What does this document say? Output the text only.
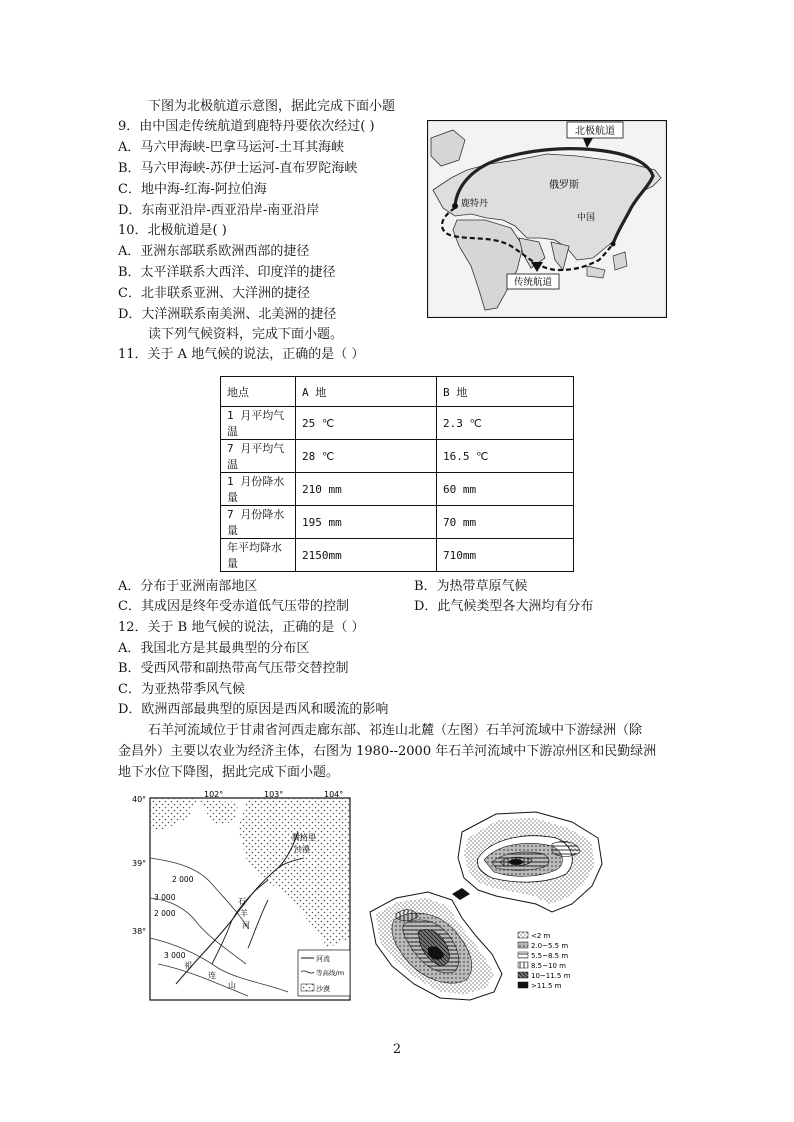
下图为北极航道示意图，据此完成下面小题
9．由中国走传统航道到鹿特丹要依次经过( )
A．马六甲海峡-巴拿马运河-土耳其海峡
B．马六甲海峡-苏伊士运河-直布罗陀海峡
C．地中海-红海-阿拉伯海
D．东南亚沿岸-西亚沿岸-南亚沿岸
10．北极航道是( )
A．亚洲东部联系欧洲西部的捷径
B．太平洋联系大西洋、印度洋的捷径
C．北非联系亚洲、大洋洲的捷径
D．大洋洲联系南美洲、北美洲的捷径
北极航道
俄罗斯
鹿特丹
中国
传统航道
读下列气候资料，完成下面小题。
11．关于 A 地气候的说法，正确的是（ ）
地点	A 地	B 地
1 月平均气温	25 ℃	2.3 ℃
7 月平均气温	28 ℃	16.5 ℃
1 月份降水量	210 mm	60 mm
7 月份降水量	195 mm	70 mm
年平均降水量	2150mm	710mm
A．分布于亚洲南部地区	B．为热带草原气候
C．其成因是终年受赤道低气压带的控制	D．此气候类型各大洲均有分布
12．关于 B 地气候的说法，正确的是（ ）
A．我国北方是其最典型的分布区
B．受西风带和副热带高气压带交替控制
C．为亚热带季风气候
D．欧洲西部最典型的原因是西风和暖流的影响
石羊河流域位于甘肃省河西走廊东部、祁连山北麓（左图）石羊河流域中下游绿洲（除
金昌外）主要以农业为经济主体，右图为 1980--2000 年石羊河流域中下游凉州区和民勤绿洲
地下水位下降图，据此完成下面小题。
102°	103°	104°
40°
39°
38°
2 000
3 000
3 000
2 000
腾格里
沙漠
石
羊
河
祁
连
山
河流
等高线/m
沙漠
<2 m
2.0~5.5 m
5.5~8.5 m
8.5~10 m
10~11.5 m
>11.5 m
2
